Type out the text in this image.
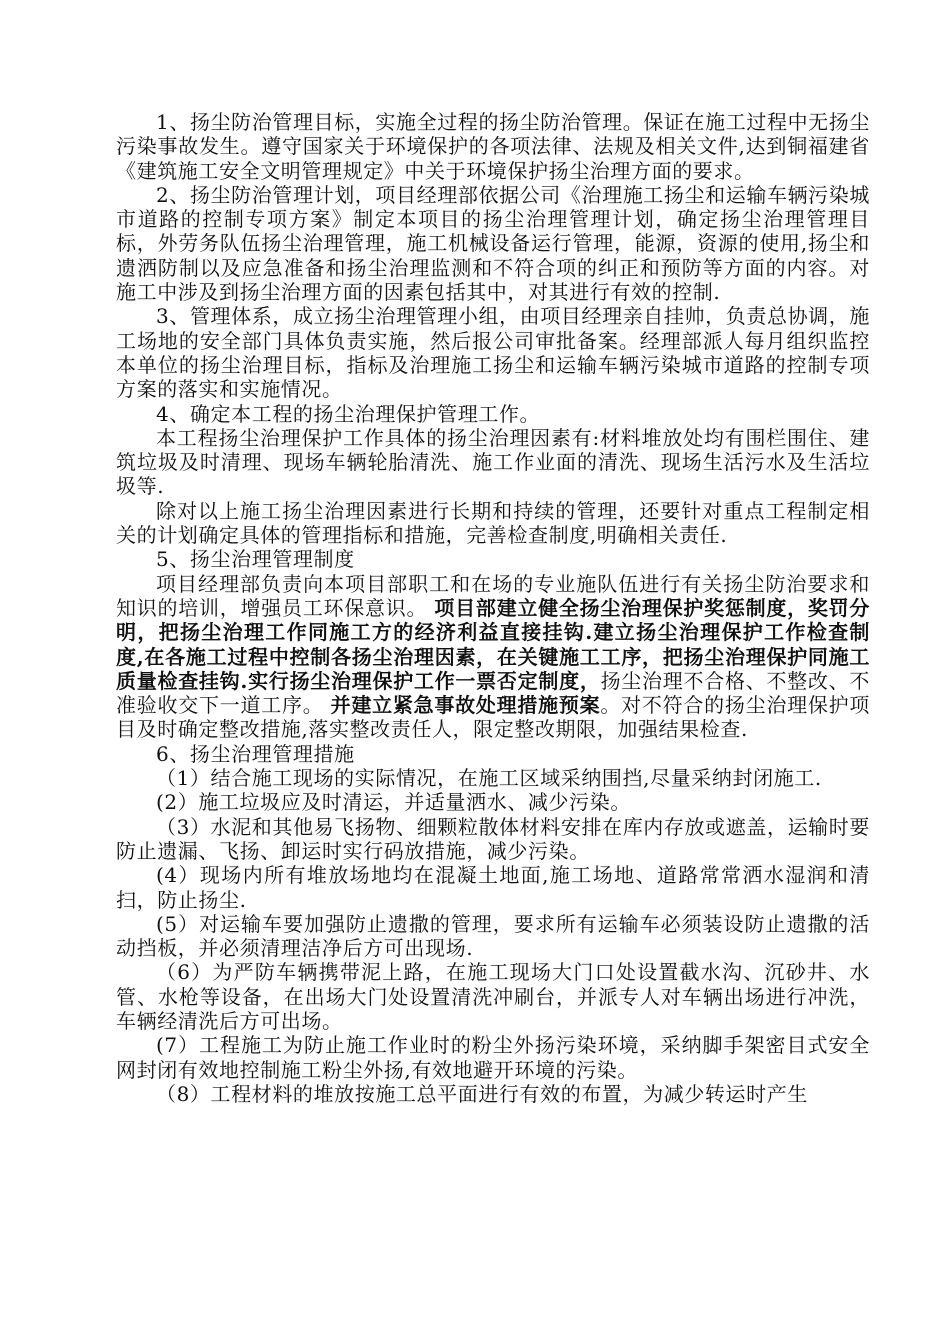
1、扬尘防治管理目标，实施全过程的扬尘防治管理。保证在施工过程中无扬尘污染事故发生。遵守国家关于环境保护的各项法律、法规及相关文件,达到铜福建省《建筑施工安全文明管理规定》中关于环境保护扬尘治理方面的要求。

2、扬尘防治管理计划，项目经理部依据公司《治理施工扬尘和运输车辆污染城市道路的控制专项方案》制定本项目的扬尘治理管理计划，确定扬尘治理管理目标，外劳务队伍扬尘治理管理，施工机械设备运行管理，能源，资源的使用,扬尘和遗洒防制以及应急准备和扬尘治理监测和不符合项的纠正和预防等方面的内容。对施工中涉及到扬尘治理方面的因素包括其中，对其进行有效的控制.

3、管理体系，成立扬尘治理管理小组，由项目经理亲自挂帅，负责总协调，施工场地的安全部门具体负责实施，然后报公司审批备案。经理部派人每月组织监控本单位的扬尘治理目标，指标及治理施工扬尘和运输车辆污染城市道路的控制专项方案的落实和实施情况。

4、确定本工程的扬尘治理保护管理工作。

本工程扬尘治理保护工作具体的扬尘治理因素有:材料堆放处均有围栏围住、建筑垃圾及时清理、现场车辆轮胎清洗、施工作业面的清洗、现场生活污水及生活垃圾等.

除对以上施工扬尘治理因素进行长期和持续的管理，还要针对重点工程制定相关的计划确定具体的管理指标和措施，完善检查制度,明确相关责任.

5、扬尘治理管理制度

项目经理部负责向本项目部职工和在场的专业施队伍进行有关扬尘防治要求和知识的培训，增强员工环保意识。 项目部建立健全扬尘治理保护奖惩制度，奖罚分明，把扬尘治理工作同施工方的经济利益直接挂钩.建立扬尘治理保护工作检查制度,在各施工过程中控制各扬尘治理因素，在关键施工工序，把扬尘治理保护同施工质量检查挂钩.实行扬尘治理保护工作一票否定制度，扬尘治理不合格、不整改、不准验收交下一道工序。 并建立紧急事故处理措施预案。对不符合的扬尘治理保护项目及时确定整改措施,落实整改责任人，限定整改期限，加强结果检查.

6、扬尘治理管理措施

（1）结合施工现场的实际情况，在施工区域采纳围挡,尽量采纳封闭施工.

(2）施工垃圾应及时清运，并适量洒水、减少污染。

（3）水泥和其他易飞扬物、细颗粒散体材料安排在库内存放或遮盖，运输时要防止遗漏、飞扬、卸运时实行码放措施，减少污染。

(4）现场内所有堆放场地均在混凝土地面,施工场地、道路常常洒水湿润和清扫，防止扬尘.

(5）对运输车要加强防止遗撒的管理，要求所有运输车必须装设防止遗撒的活动挡板，并必须清理洁净后方可出现场.

（6）为严防车辆携带泥上路，在施工现场大门口处设置截水沟、沉砂井、水管、水枪等设备，在出场大门处设置清洗冲刷台，并派专人对车辆出场进行冲洗，车辆经清洗后方可出场。

(7）工程施工为防止施工作业时的粉尘外扬污染环境，采纳脚手架密目式安全网封闭有效地控制施工粉尘外扬,有效地避开环境的污染。

（8）工程材料的堆放按施工总平面进行有效的布置，为减少转运时产生
